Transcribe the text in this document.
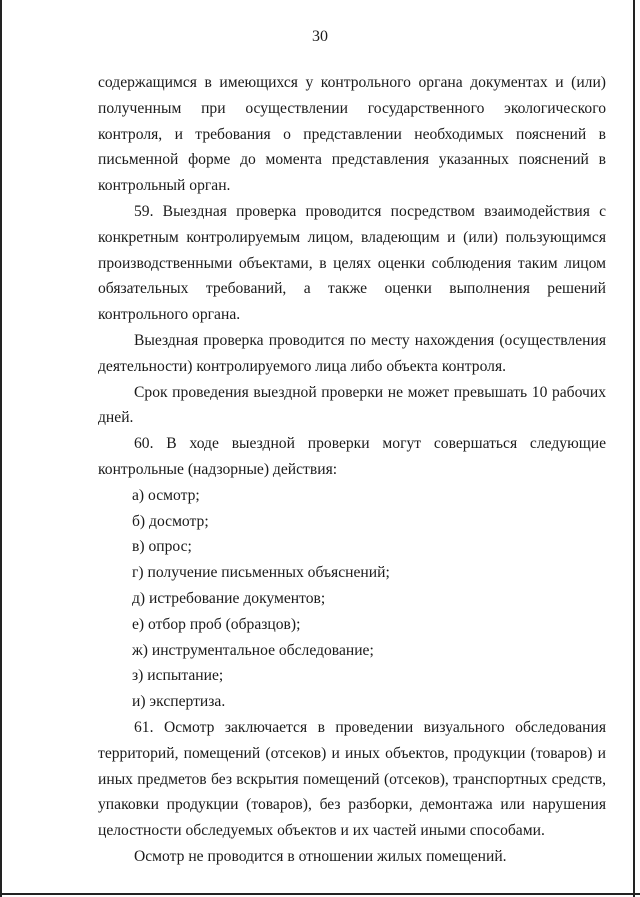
30

содержащимся в имеющихся у контрольного органа документах и (или) полученным при осуществлении государственного экологического контроля, и требования о представлении необходимых пояснений в письменной форме до момента представления указанных пояснений в контрольный орган.

59. Выездная проверка проводится посредством взаимодействия с конкретным контролируемым лицом, владеющим и (или) пользующимся производственными объектами, в целях оценки соблюдения таким лицом обязательных требований, а также оценки выполнения решений контрольного органа.

Выездная проверка проводится по месту нахождения (осуществления деятельности) контролируемого лица либо объекта контроля.

Срок проведения выездной проверки не может превышать 10 рабочих дней.

60. В ходе выездной проверки могут совершаться следующие контрольные (надзорные) действия:

а) осмотр;

б) досмотр;

в) опрос;

г) получение письменных объяснений;

д) истребование документов;

е) отбор проб (образцов);

ж) инструментальное обследование;

з) испытание;

и) экспертиза.

61. Осмотр заключается в проведении визуального обследования территорий, помещений (отсеков) и иных объектов, продукции (товаров) и иных предметов без вскрытия помещений (отсеков), транспортных средств, упаковки продукции (товаров), без разборки, демонтажа или нарушения целостности обследуемых объектов и их частей иными способами.

Осмотр не проводится в отношении жилых помещений.
